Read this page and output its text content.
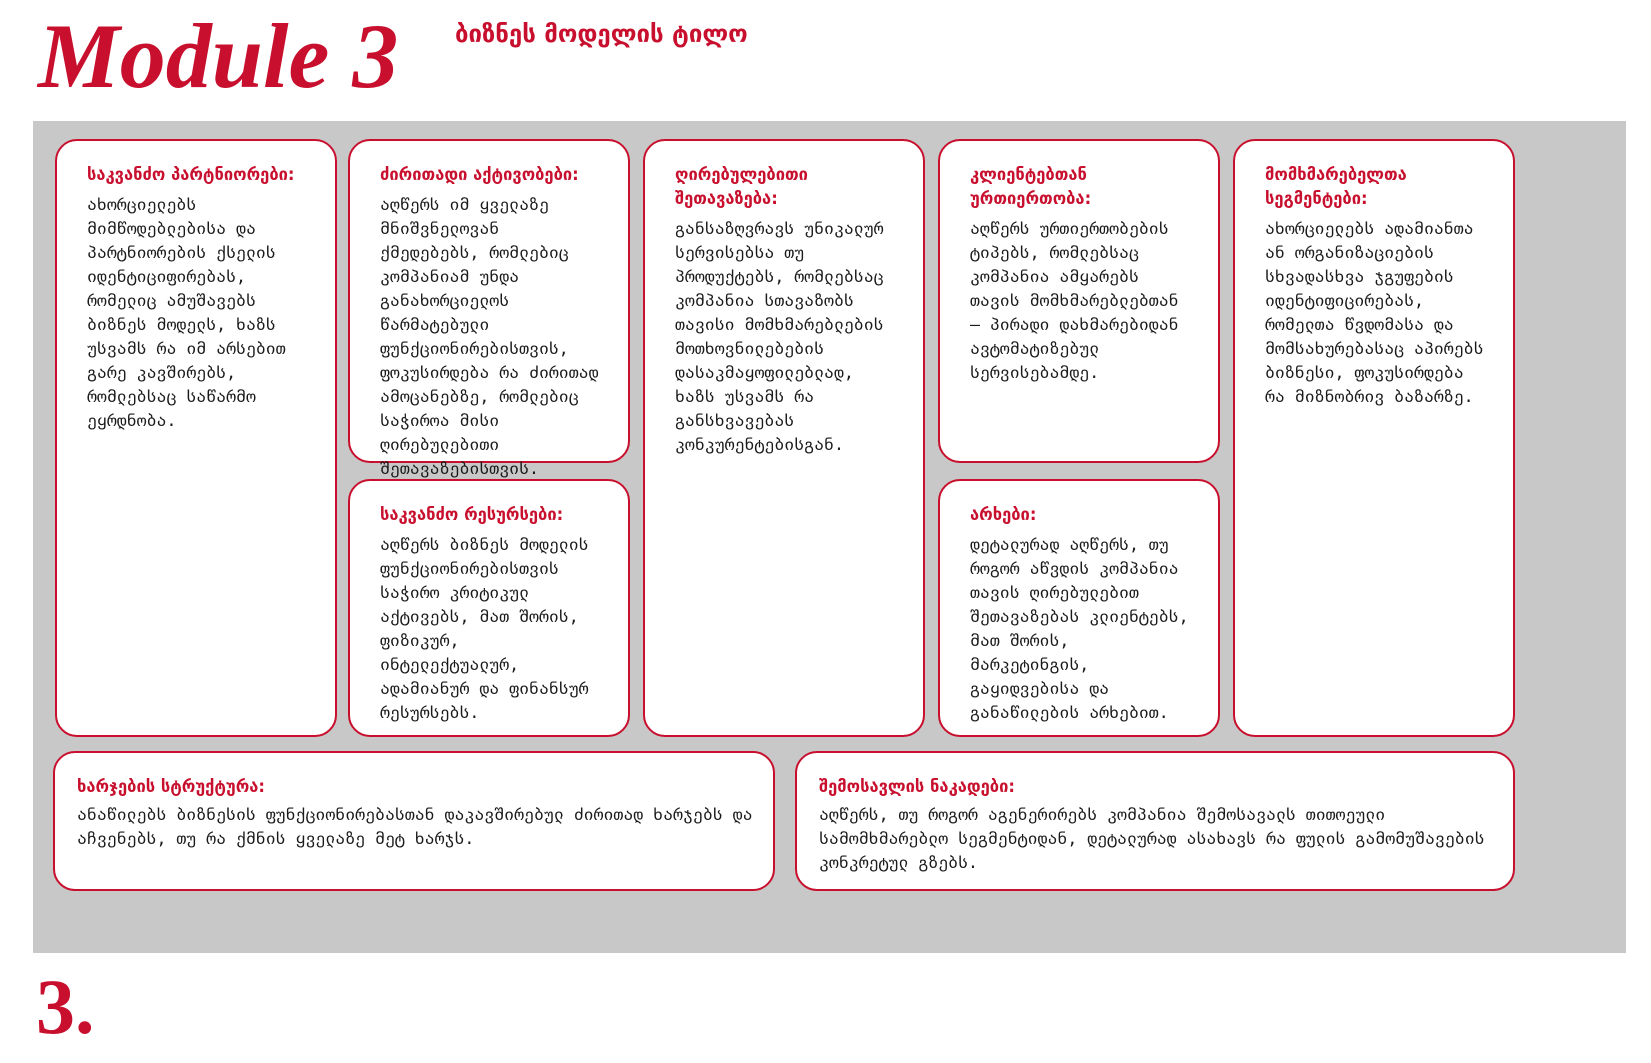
Module 3 ბიზნეს მოდელის ტილო
საკვანძო პარტნიორები:

ახორციელებს მიმწოდებლებისა და პარტნიორების ქსელის იდენტიციფირებას, რომელიც ამუშავებს ბიზნეს მოდელს, ხაზს უსვამს რა იმ არსებით გარე კავშირებს, რომლებსაც საწარმო ეყრდნობა.

ძირითადი აქტივობები:

აღწერს იმ ყველაზე მნიშვნელოვან ქმედებებს, რომლებიც კომპანიამ უნდა განახორციელოს წარმატებული ფუნქციონირებისთვის, ფოკუსირდება რა ძირითად ამოცანებზე, რომლებიც საჭიროა მისი ღირებულებითი შეთავაზებისთვის.

საკვანძო რესურსები:

აღწერს ბიზნეს მოდელის ფუნქციონირებისთვის საჭირო კრიტიკულ აქტივებს, მათ შორის, ფიზიკურ, ინტელექტუალურ, ადამიანურ და ფინანსურ რესურსებს.

ღირებულებითი შეთავაზება:

განსაზღვრავს უნიკალურ სერვისებსა თუ პროდუქტებს, რომლებსაც კომპანია სთავაზობს თავისი მომხმარებლების მოთხოვნილებების დასაკმაყოფილებლად, ხაზს უსვამს რა განსხვავებას კონკურენტებისგან.

კლიენტებთან ურთიერთობა:

აღწერს ურთიერთობების ტიპებს, რომლებსაც კომპანია ამყარებს თავის მომხმარებლებთან – პირადი დახმარებიდან ავტომატიზებულ სერვისებამდე.

არხები:

დეტალურად აღწერს, თუ როგორ აწვდის კომპანია თავის ღირებულებით შეთავაზებას კლიენტებს, მათ შორის, მარკეტინგის, გაყიდვებისა და განაწილების არხებით.

მომხმარებელთა სეგმენტები:

ახორციელებს ადამიანთა ან ორგანიზაციების სხვადასხვა ჯგუფების იდენტიფიცირებას, რომელთა წვდომასა და მომსახურებასაც აპირებს ბიზნესი, ფოკუსირდება რა მიზნობრივ ბაზარზე.

ხარჯების სტრუქტურა:

ანაწილებს ბიზნესის ფუნქციონირებასთან დაკავშირებულ ძირითად ხარჯებს და აჩვენებს, თუ რა ქმნის ყველაზე მეტ ხარჯს.

შემოსავლის ნაკადები:

აღწერს, თუ როგორ აგენერირებს კომპანია შემოსავალს თითოეული სამომხმარებლო სეგმენტიდან, დეტალურად ასახავს რა ფულის გამომუშავების კონკრეტულ გზებს.

3.
